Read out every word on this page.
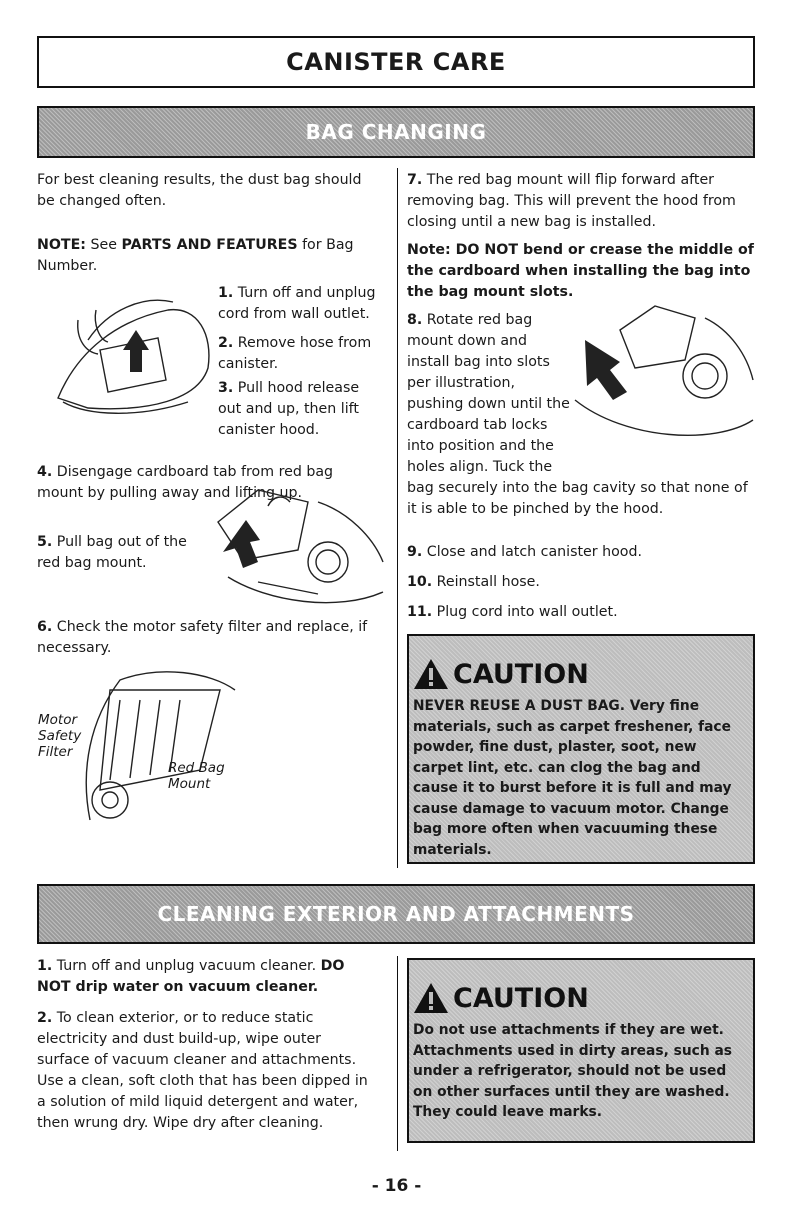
CANISTER CARE
BAG CHANGING
For best cleaning results, the dust bag should be changed often.
NOTE: See PARTS AND FEATURES for Bag Number.
1. Turn off and unplug cord from wall outlet.
2. Remove hose from canister.
3. Pull hood release out and up, then lift canister hood.
4. Disengage cardboard tab from red bag mount by pulling away and lifting up.
5. Pull bag out of the red bag mount.
6. Check the motor safety filter and replace, if necessary.
Motor Safety Filter
Red Bag Mount
7. The red bag mount will flip forward after removing bag. This will prevent the hood from closing until a new bag is installed.
Note: DO NOT bend or crease the middle of the cardboard when installing the bag into the bag mount slots.
8. Rotate red bag mount down and install bag into slots per illustration, pushing down until the cardboard tab locks into position and the holes align. Tuck the bag securely into the bag cavity so that none of it is able to be pinched by the hood.
9. Close and latch canister hood.
10. Reinstall hose.
11. Plug cord into wall outlet.
CAUTION
NEVER REUSE A DUST BAG. Very fine materials, such as carpet freshener, face powder, fine dust, plaster, soot, new carpet lint, etc. can clog the bag and cause it to burst before it is full and may cause damage to vacuum motor. Change bag more often when vacuuming these materials.
CLEANING EXTERIOR AND ATTACHMENTS
1. Turn off and unplug vacuum cleaner. DO NOT drip water on vacuum cleaner.
2. To clean exterior, or to reduce static electricity and dust build-up, wipe outer surface of vacuum cleaner and attachments. Use a clean, soft cloth that has been dipped in a solution of mild liquid detergent and water, then wrung dry. Wipe dry after cleaning.
CAUTION
Do not use attachments if they are wet. Attachments used in dirty areas, such as under a refrigerator, should not be used on other surfaces until they are washed. They could leave marks.
- 16 -
